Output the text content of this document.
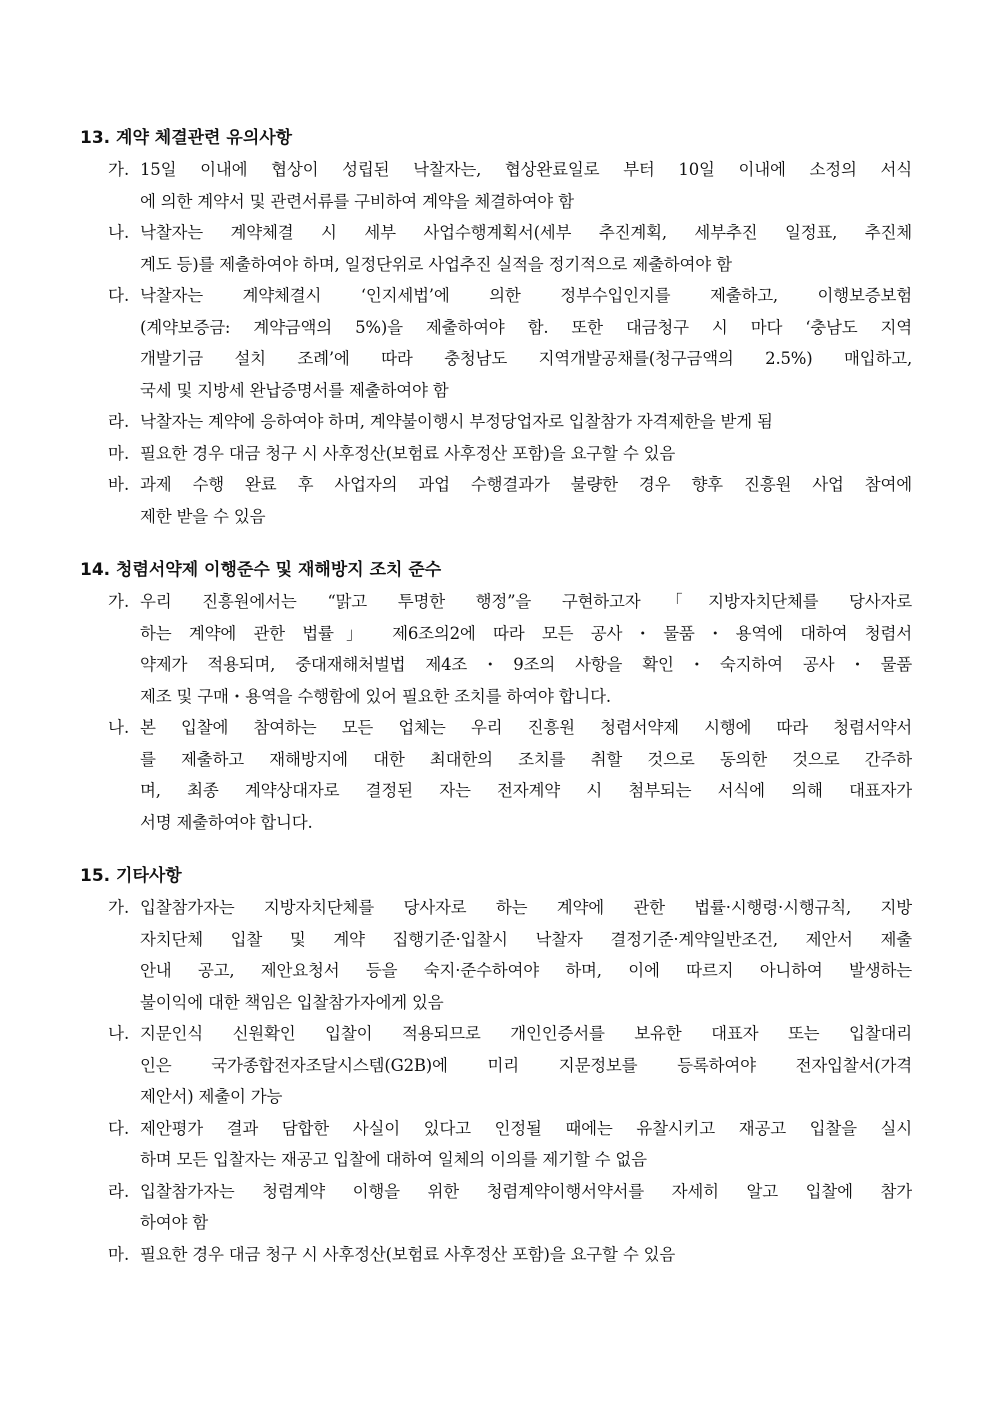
13. 계약 체결관련 유의사항
가. 15일 이내에 협상이 성립된 낙찰자는, 협상완료일로 부터 10일 이내에 소정의 서식
에 의한 계약서 및 관련서류를 구비하여 계약을 체결하여야 함
나. 낙찰자는 계약체결 시 세부 사업수행계획서(세부 추진계획, 세부추진 일정표, 추진체
계도 등)를 제출하여야 하며, 일정단위로 사업추진 실적을 정기적으로 제출하여야 함
다. 낙찰자는 계약체결시 ‘인지세법’에 의한 정부수입인지를 제출하고, 이행보증보험
(계약보증금: 계약금액의 5%)을 제출하여야 함. 또한 대금청구 시 마다 ‘충남도 지역
개발기금 설치 조례’에 따라 충청남도 지역개발공채를(청구금액의 2.5%) 매입하고,
국세 및 지방세 완납증명서를 제출하여야 함
라. 낙찰자는 계약에 응하여야 하며, 계약불이행시 부정당업자로 입찰참가 자격제한을 받게 됨
마. 필요한 경우 대금 청구 시 사후정산(보험료 사후정산 포함)을 요구할 수 있음
바. 과제 수행 완료 후 사업자의 과업 수행결과가 불량한 경우 향후 진흥원 사업 참여에
제한 받을 수 있음
14. 청렴서약제 이행준수 및 재해방지 조치 준수
가. 우리 진흥원에서는 “맑고 투명한 행정”을 구현하고자「지방자치단체를 당사자로
하는 계약에 관한 법률」 제6조의2에 따라 모든 공사・물품・용역에 대하여 청렴서
약제가 적용되며, 중대재해처벌법 제4조・9조의 사항을 확인・숙지하여 공사・물품
제조 및 구매・용역을 수행함에 있어 필요한 조치를 하여야 합니다.
나. 본 입찰에 참여하는 모든 업체는 우리 진흥원 청렴서약제 시행에 따라 청렴서약서
를 제출하고 재해방지에 대한 최대한의 조치를 취할 것으로 동의한 것으로 간주하
며, 최종 계약상대자로 결정된 자는 전자계약 시 첨부되는 서식에 의해 대표자가
서명 제출하여야 합니다.
15. 기타사항
가. 입찰참가자는 지방자치단체를 당사자로 하는 계약에 관한 법률·시행령·시행규칙, 지방
자치단체 입찰 및 계약 집행기준·입찰시 낙찰자 결정기준·계약일반조건, 제안서 제출
안내 공고, 제안요청서 등을 숙지·준수하여야 하며, 이에 따르지 아니하여 발생하는
불이익에 대한 책임은 입찰참가자에게 있음
나. 지문인식 신원확인 입찰이 적용되므로 개인인증서를 보유한 대표자 또는 입찰대리
인은 국가종합전자조달시스템(G2B)에 미리 지문정보를 등록하여야 전자입찰서(가격
제안서) 제출이 가능
다. 제안평가 결과 담합한 사실이 있다고 인정될 때에는 유찰시키고 재공고 입찰을 실시
하며 모든 입찰자는 재공고 입찰에 대하여 일체의 이의를 제기할 수 없음
라. 입찰참가자는 청렴계약 이행을 위한 청렴계약이행서약서를 자세히 알고 입찰에 참가
하여야 함
마. 필요한 경우 대금 청구 시 사후정산(보험료 사후정산 포함)을 요구할 수 있음
